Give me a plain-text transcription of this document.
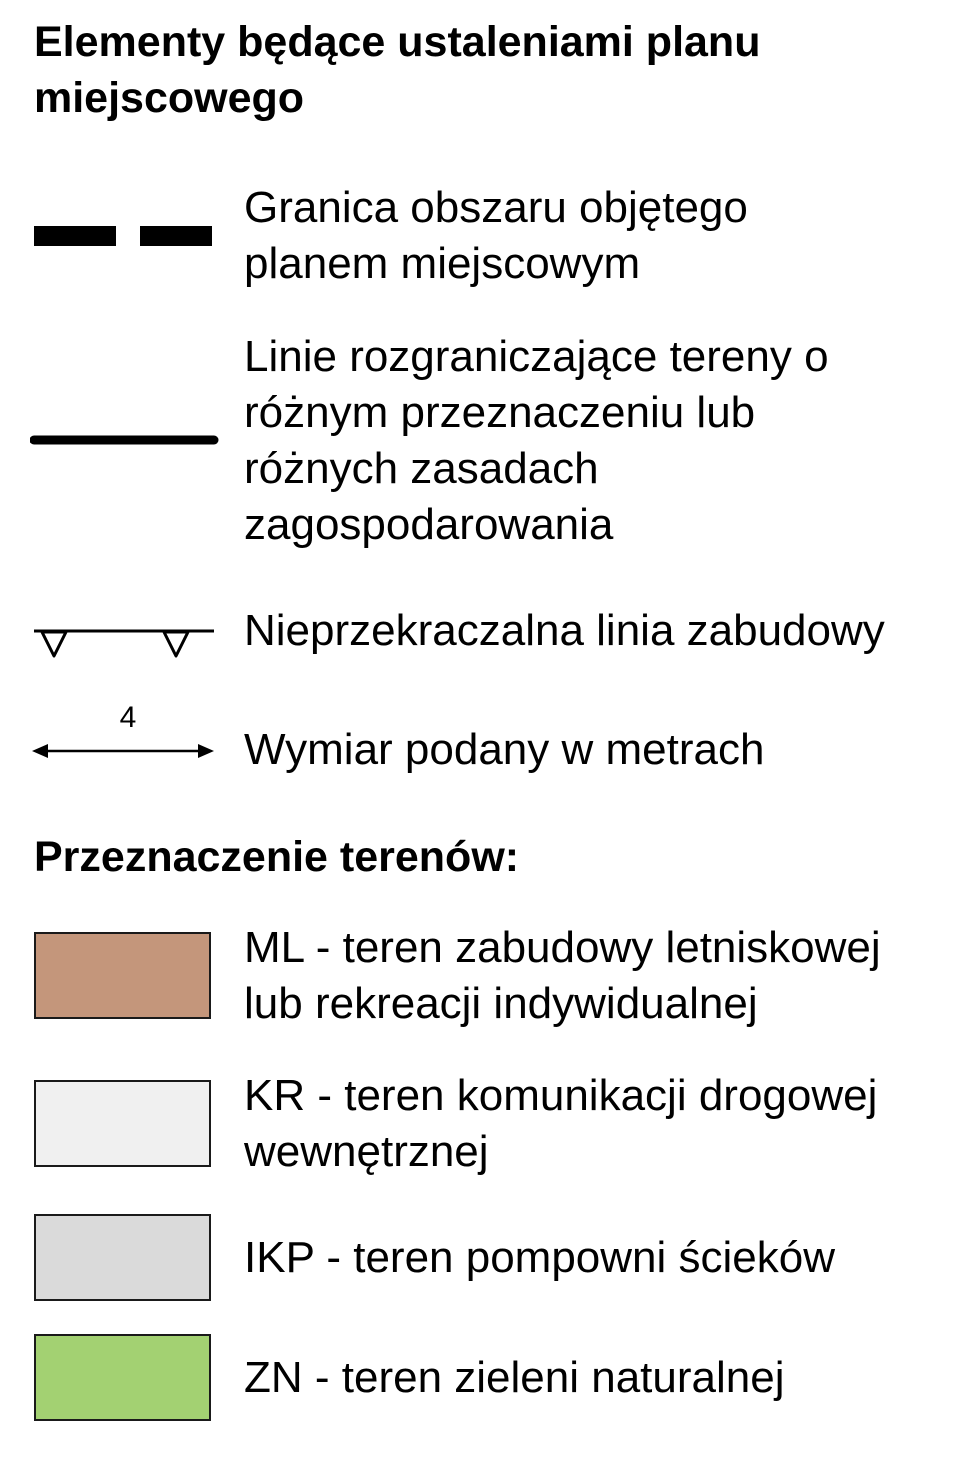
Elementy będące ustaleniami planu
miejscowego
Granica obszaru objętego
planem miejscowym
Linie rozgraniczające tereny o
różnym przeznaczeniu lub
różnych zasadach
zagospodarowania
Nieprzekraczalna linia zabudowy
4
Wymiar podany w metrach
Przeznaczenie terenów:
ML - teren zabudowy letniskowej
lub rekreacji indywidualnej
KR - teren komunikacji drogowej
wewnętrznej
IKP - teren pompowni ścieków
ZN - teren zieleni naturalnej
